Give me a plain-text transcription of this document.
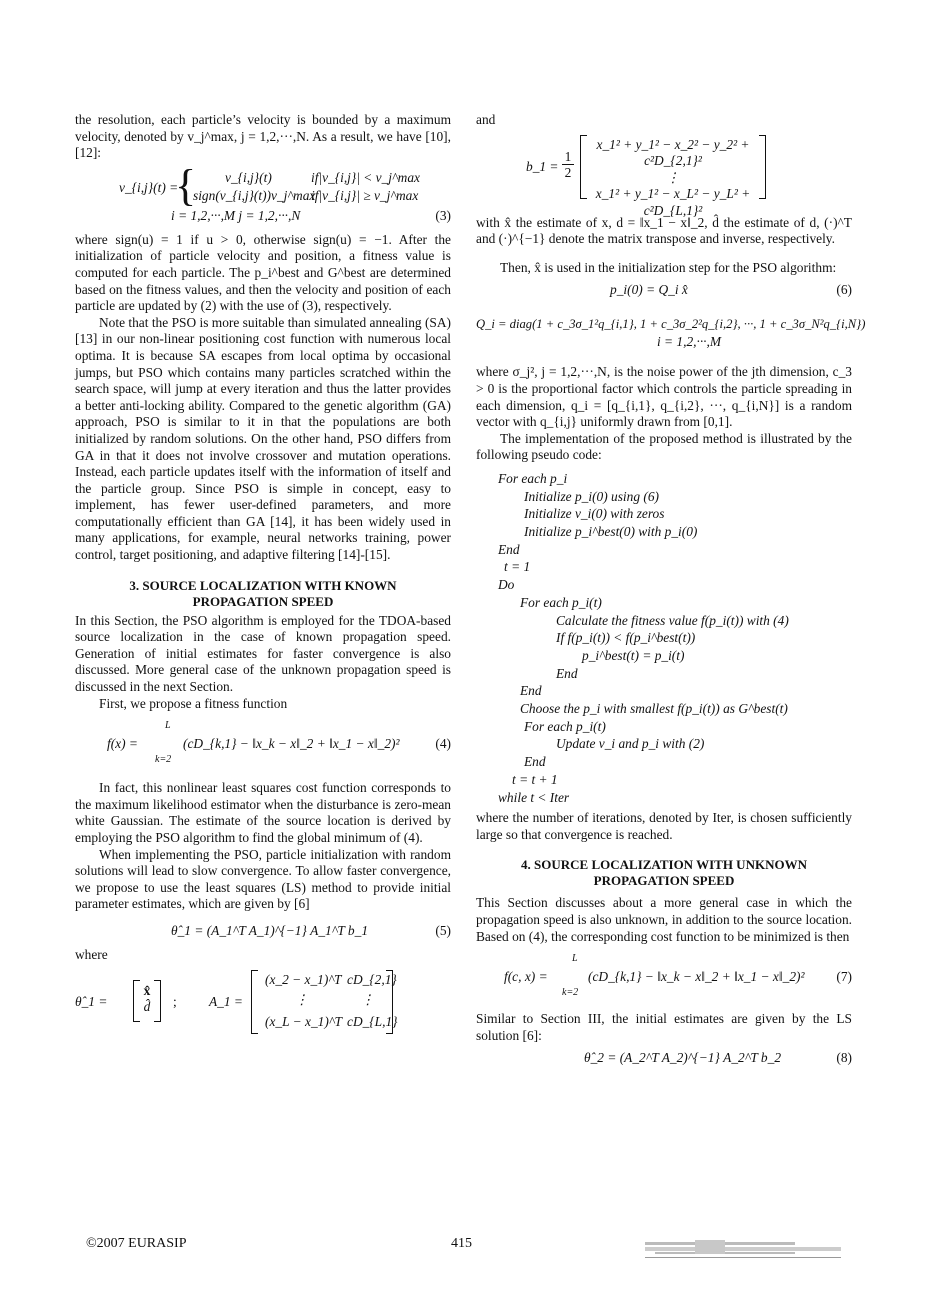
the resolution, each particle’s velocity is bounded by a maximum velocity, denoted by v_j^max, j = 1,2,···,N. As a result, we have [10], [12]:

v_{i,j}(t) =
{ v_{i,j}(t)	if|v_{i,j}| < v_j^max
sign(v_{i,j}(t))v_j^max
if|v_{i,j}| ≥ v_j^max
i = 1,2,···,M j = 1,2,···,N	(3)

where sign(u) = 1 if u > 0, otherwise sign(u) = −1. After the initialization of particle velocity and position, a fitness value is computed for each particle. The p_i^best and G^best are determined based on the fitness values, and then the velocity and position of each particle are updated by (2) with the use of (3), respectively.

Note that the PSO is more suitable than simulated annealing (SA) [13] in our non-linear positioning cost function with numerous local optima. It is because SA escapes from local optima by occasional jumps, but PSO which contains many particles scratched within the search space, will jump at every iteration and thus the latter provides a better anti-locking ability. Compared to the genetic algorithm (GA) approach, PSO is similar to it in that the populations are both initialized by random solutions. On the other hand, PSO differs from GA in that it does not involve crossover and mutation operations. Instead, each particle updates itself with the information of itself and the particle group. Since PSO is simple in concept, easy to implement, has fewer user-defined parameters, and more computationally efficient than GA [14], it has been widely used in many applications, for example, neural networks training, power control, target positioning, and adaptive filtering [14]-[15].

3. SOURCE LOCALIZATION WITH KNOWN

PROPAGATION SPEED

In this Section, the PSO algorithm is employed for the TDOA-based source localization in the case of known propagation speed. Generation of initial estimates for faster convergence is also discussed. More general case of the unknown propagation speed is discussed in the next Section.

First, we propose a fitness function

f(x) =
L
k=2
(cD_{k,1} − ‖x_k − x‖_2 + ‖x_1 − x‖_2)²	(4)

In fact, this nonlinear least squares cost function corresponds to the maximum likelihood estimator when the disturbance is zero-mean white Gaussian. The estimate of the source location is derived by employing the PSO algorithm to find the global minimum of (4).

When implementing the PSO, particle initialization with random solutions will lead to slow convergence. To allow faster convergence, we propose to use the least squares (LS) method to provide initial parameter estimates, which are given by [6]

θ̂_1 = (A_1^T A_1)^{−1} A_1^T b_1	(5)

where

θ̂_1 =
x̂
d̂	; A_1 =
(x_2 − x_1)^T cD_{2,1}
⋮	⋮
(x_L − x_1)^T cD_{L,1}

and

b_1 = $\frac{1}{2}$
x_1² + y_1² − x_2² − y_2² + c²D_{2,1}²
⋮
x_1² + y_1² − x_L² − y_L² + c²D_{L,1}²

with x̂ the estimate of x, d = ‖x_1 − x‖_2, d̂ the estimate of d, (·)^T and (·)^{−1} denote the matrix transpose and inverse, respectively.

Then, x̂ is used in the initialization step for the PSO algorithm:

p_i(0) = Q_i x̂	(6)
Q_i = diag(1 + c_3σ_1²q_{i,1}, 1 + c_3σ_2²q_{i,2}, ···, 1 + c_3σ_N²q_{i,N})
i = 1,2,···,M

where σ_j², j = 1,2,···,N, is the noise power of the jth dimension, c_3 > 0 is the proportional factor which controls the particle spreading in each dimension, q_i = [q_{i,1}, q_{i,2}, ···, q_{i,N}] is a random vector with q_{i,j} uniformly drawn from [0,1].

The implementation of the proposed method is illustrated by the following pseudo code:

For each p_i
Initialize p_i(0) using (6)
Initialize v_i(0) with zeros
Initialize p_i^best(0) with p_i(0)
End
t = 1
Do
For each p_i(t)
Calculate the fitness value f(p_i(t)) with (4)
If f(p_i(t)) < f(p_i^best(t))
p_i^best(t) = p_i(t)
End
End
Choose the p_i with smallest f(p_i(t)) as G^best(t)
For each p_i(t)
Update v_i and p_i with (2)
End
t = t + 1
while t < Iter

where the number of iterations, denoted by Iter, is chosen sufficiently large so that convergence is reached.

4. SOURCE LOCALIZATION WITH UNKNOWN

PROPAGATION SPEED

This Section discusses about a more general case in which the propagation speed is also unknown, in addition to the source location. Based on (4), the corresponding cost function to be minimized is then

f(c, x) =
L
k=2
(cD_{k,1} − ‖x_k − x‖_2 + ‖x_1 − x‖_2)² (7)

Similar to Section III, the initial estimates are given by the LS solution [6]:

θ̂_2 = (A_2^T A_2)^{−1} A_2^T b_2	(8)
©2007 EURASIP	415
